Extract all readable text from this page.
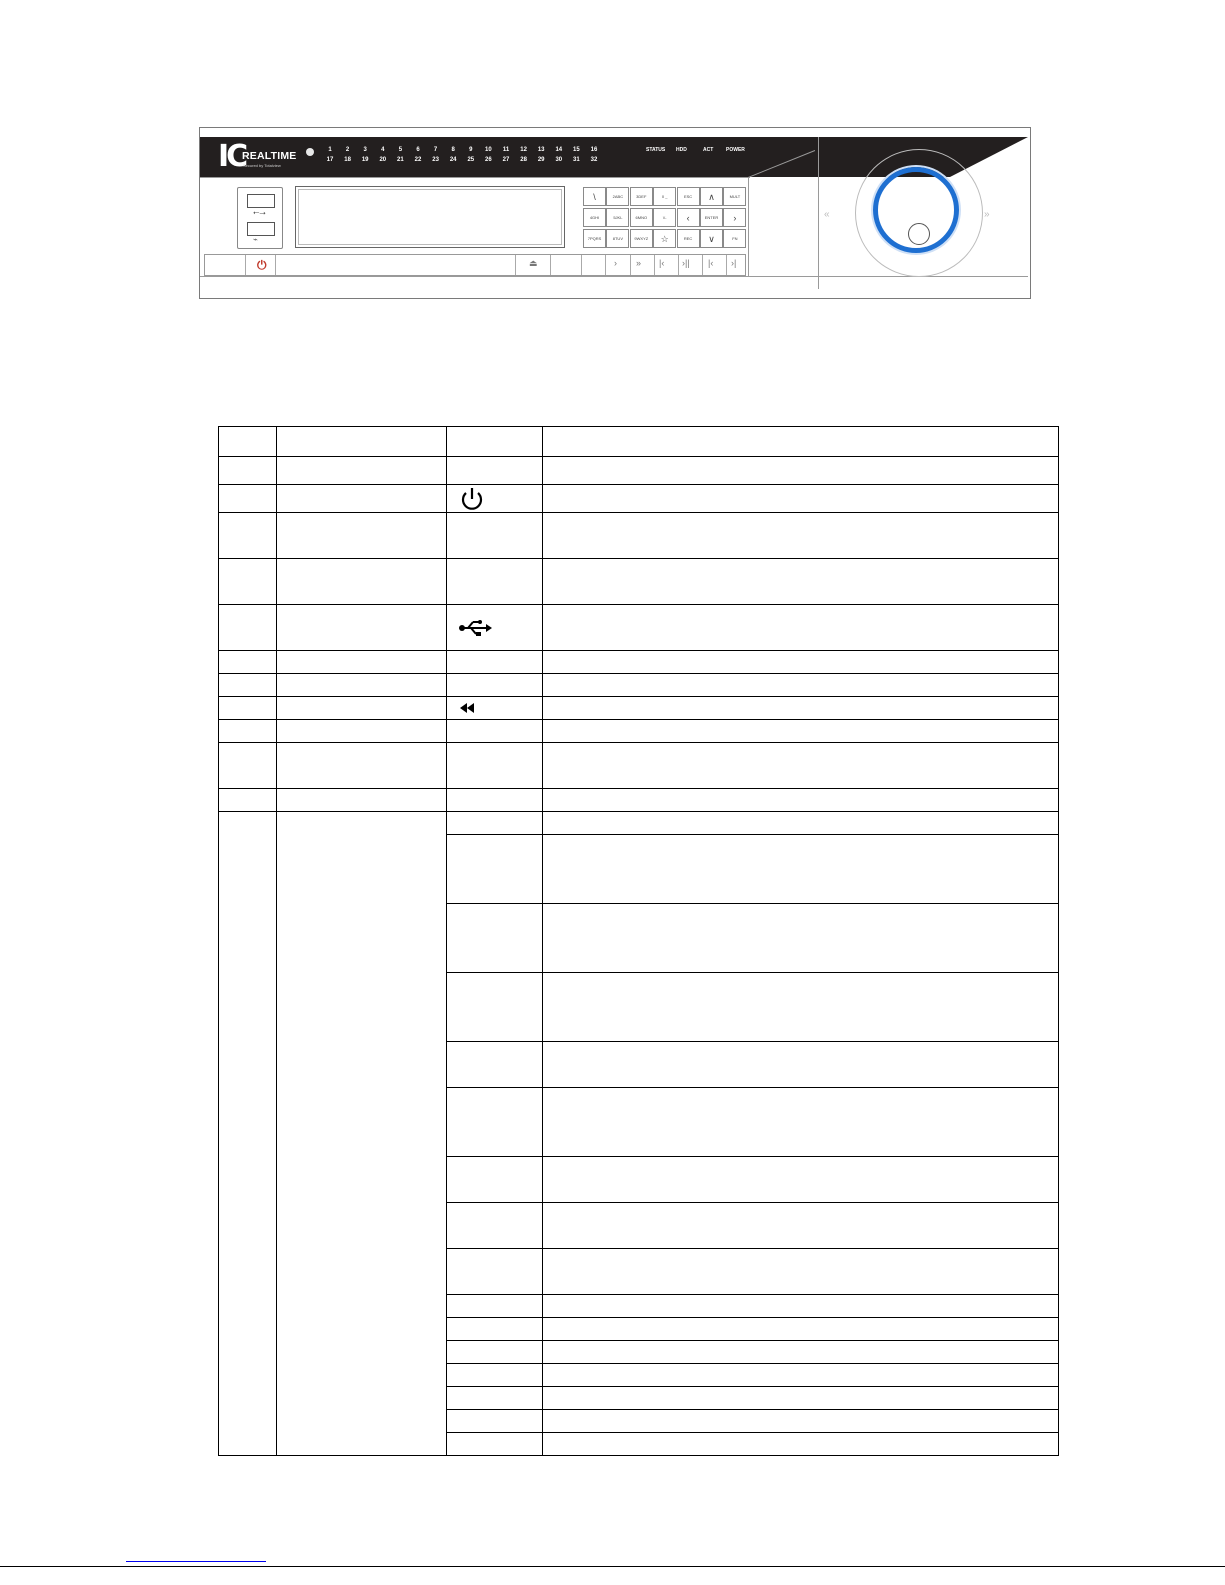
IC
REALTIME
Secured by Totalview
1	2	3	4	5	6	7	8	9	10	11	12	13	14	15	16
17	18	19	20	21	22	23	24	25	26	27	28	29	30	31	32
STATUS HDD	ACT	POWER
⭠⭢
⌁
\	2ABC	3DEF	0 _	ESC	∧	MULT
4GHI	5JKL	6MNO	\/-	‹	ENTER	›
7PQRS	8TUV	9WXYZ	☆	REC	∨	FN
⏻	⏏	› » |‹ ›|| |‹ ›|
«	»
